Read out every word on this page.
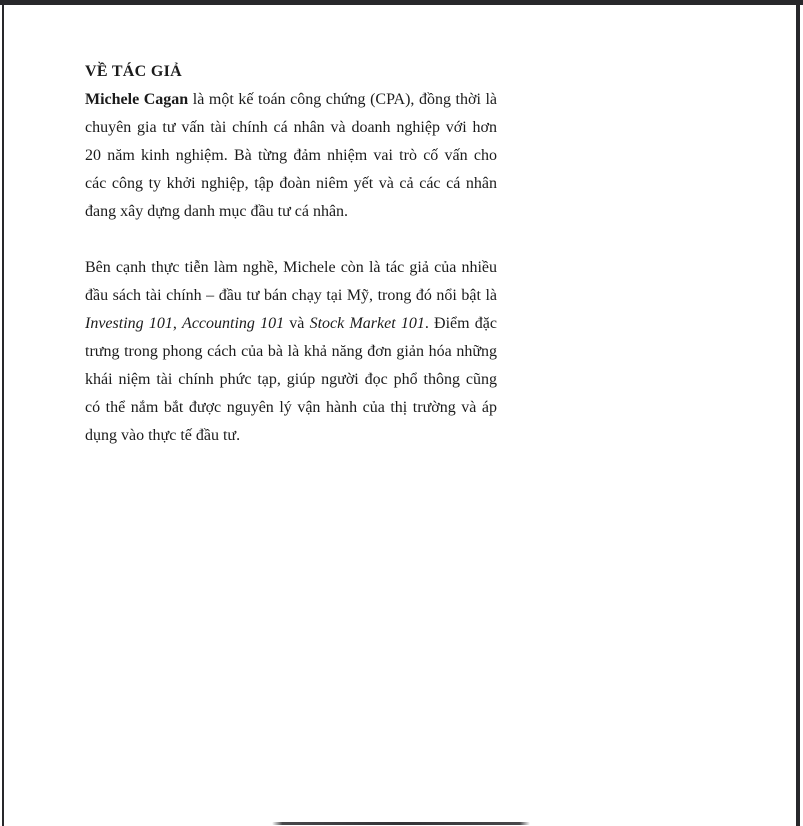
VỀ TÁC GIẢ
Michele Cagan là một kế toán công chứng (CPA), đồng thời là
chuyên gia tư vấn tài chính cá nhân và doanh nghiệp với hơn
20 năm kinh nghiệm. Bà từng đảm nhiệm vai trò cố vấn cho
các công ty khởi nghiệp, tập đoàn niêm yết và cả các cá nhân
đang xây dựng danh mục đầu tư cá nhân.
Bên cạnh thực tiễn làm nghề, Michele còn là tác giả của nhiều
đầu sách tài chính – đầu tư bán chạy tại Mỹ, trong đó nổi bật là
Investing 101, Accounting 101 và Stock Market 101. Điểm đặc
trưng trong phong cách của bà là khả năng đơn giản hóa những
khái niệm tài chính phức tạp, giúp người đọc phổ thông cũng
có thể nắm bắt được nguyên lý vận hành của thị trường và áp
dụng vào thực tế đầu tư.
